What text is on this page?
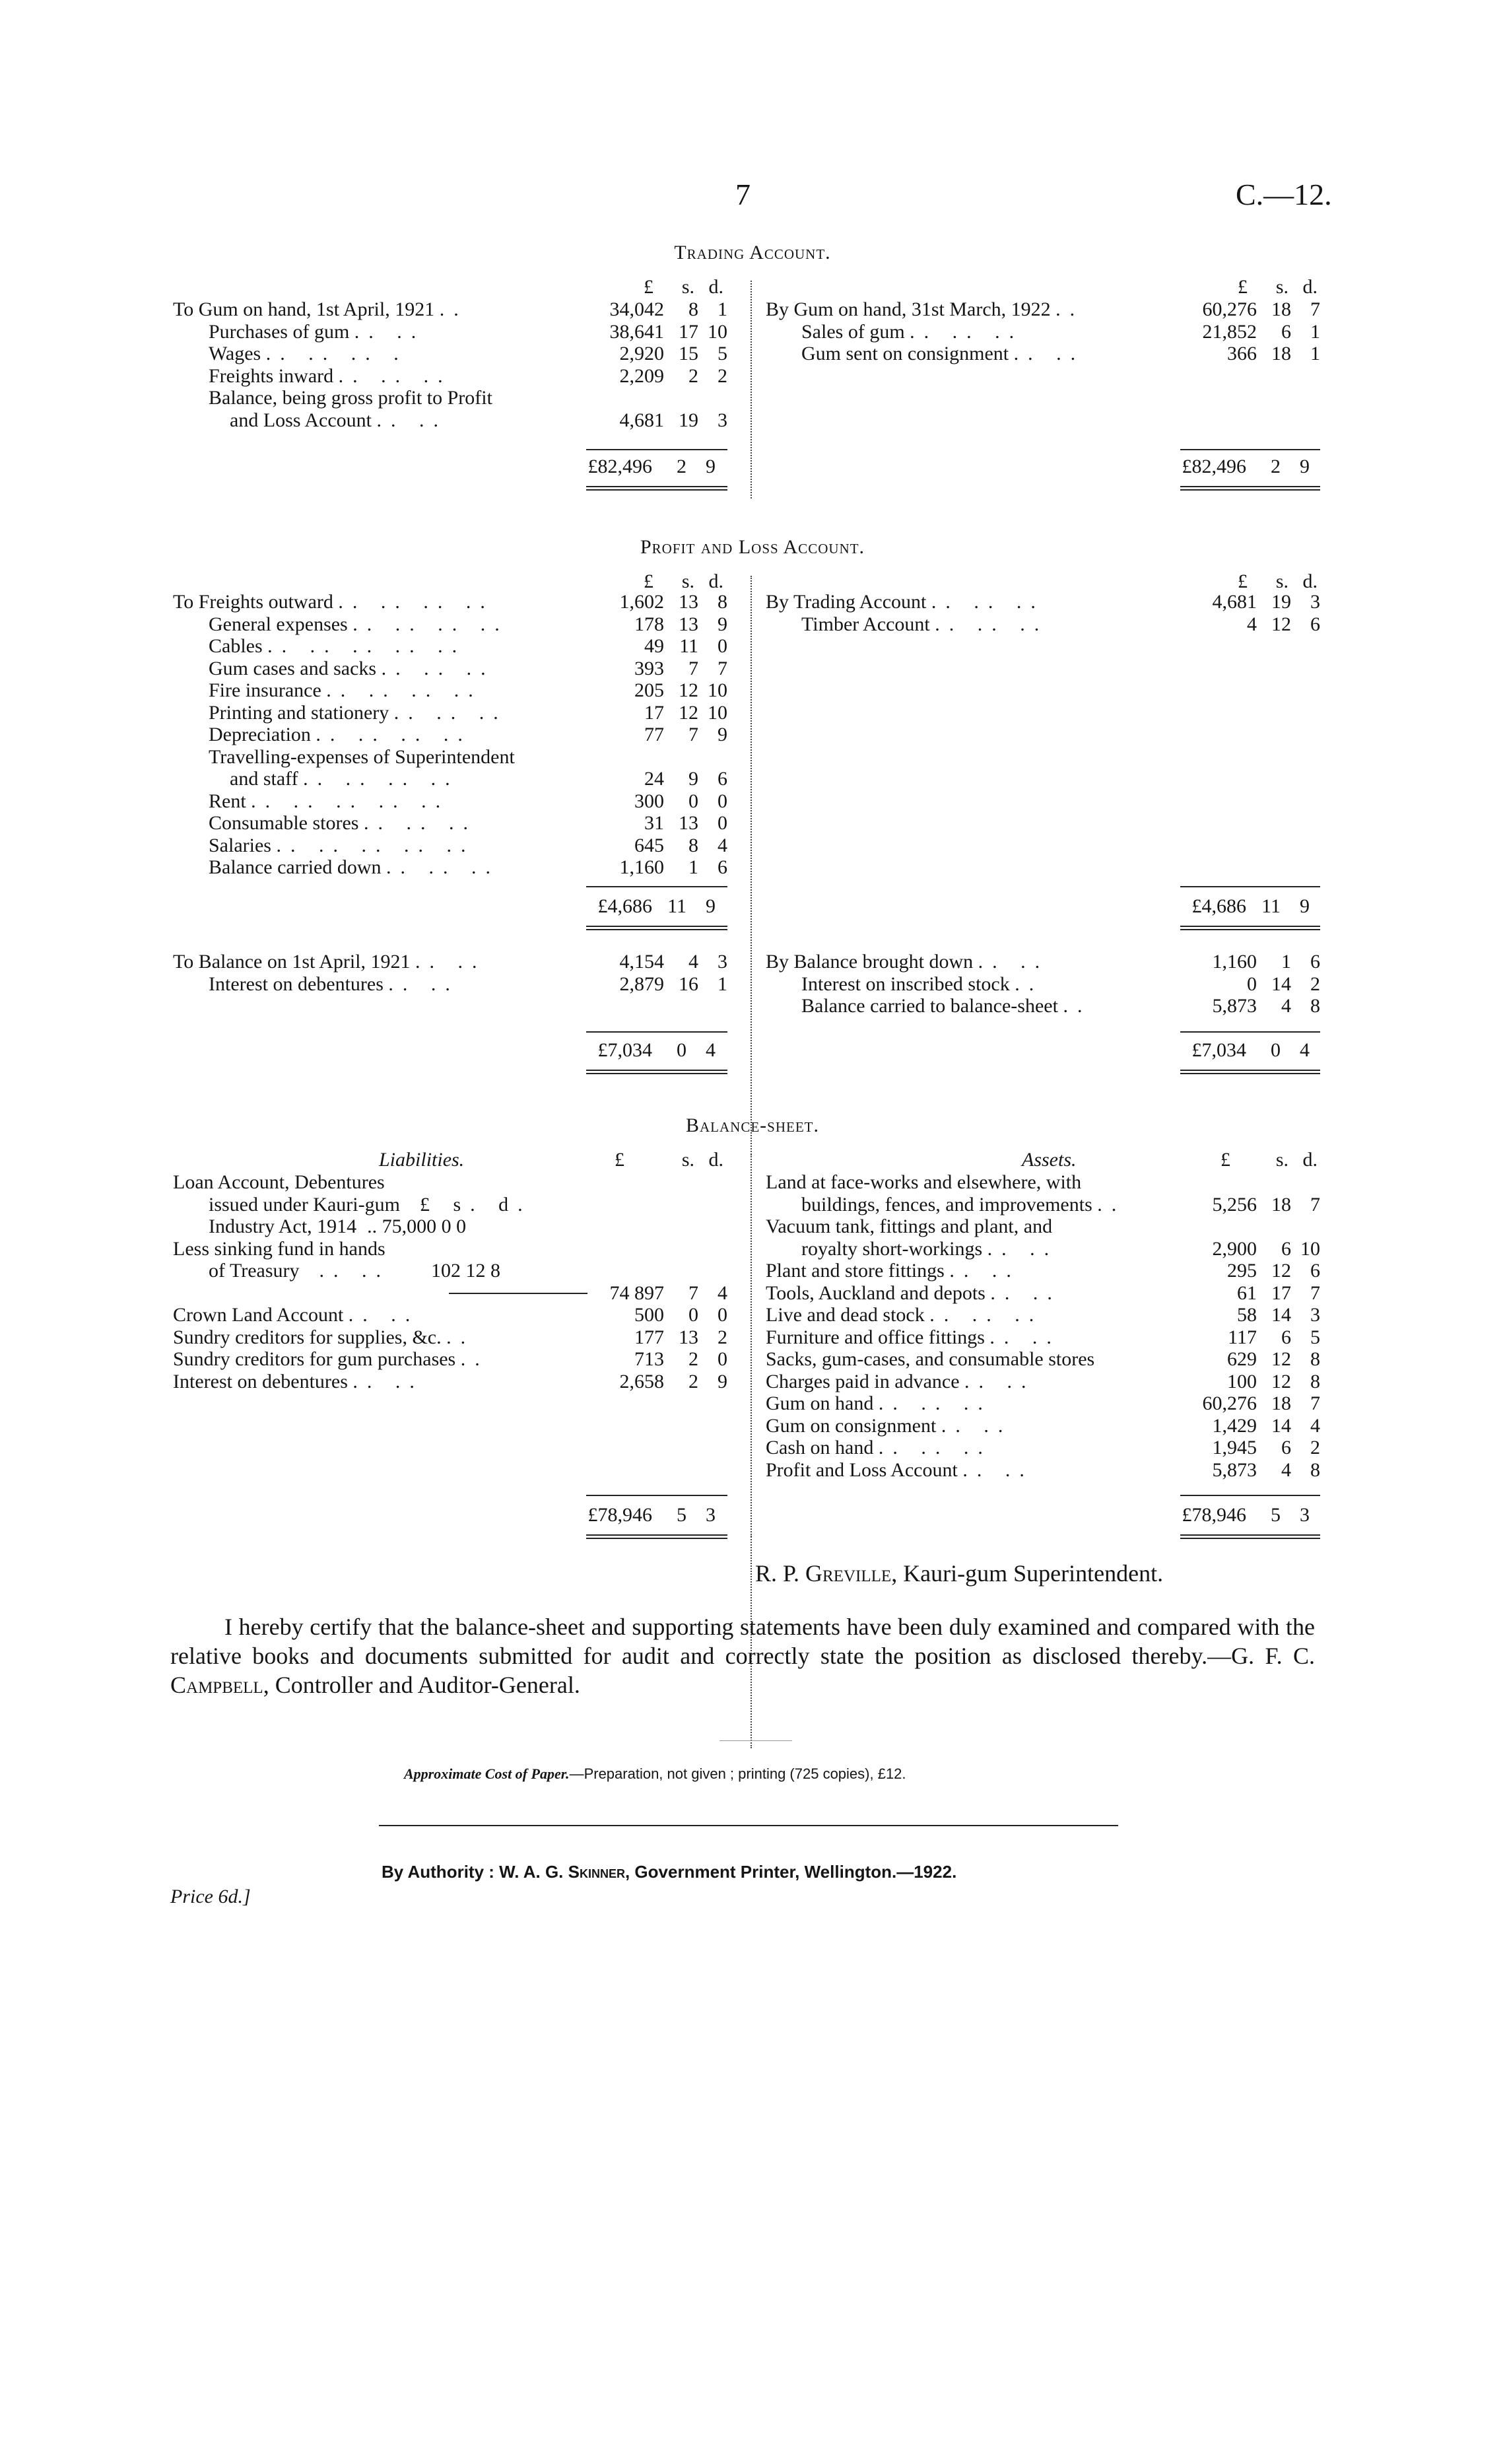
7	C.—12.
Trading Account.
£	s. d.	£	s. d.
To Gum on hand, 1st April, 1921 ..	34,042	8 1
Purchases of gum .. ..	38,641 17 10
Wages .. .. .. .	2,920 15 5
Freights inward .. .. ..	2,209	2 2
Balance, being gross profit to Profit
and Loss Account .. ..	4,681 19 3
By Gum on hand, 31st March, 1922 ..	60,276 18 7
Sales of gum .. .. ..	21,852	6 1
Gum sent on consignment .. ..	366 18 1
£82,496	2 9	£82,496	2 9
Profit and Loss Account.
£	s. d.	£	s. d.
To Freights outward .. .. .. ..	1,602 13 8
General expenses .. .. .. ..	178 13 9
Cables .. .. .. .. ..	49 11 0
Gum cases and sacks .. .. ..	393	7 7
Fire insurance .. .. .. ..	205 12 10
Printing and stationery .. .. ..	17 12 10
Depreciation .. .. .. ..	77	7 9
Travelling-expenses of Superintendent
and staff .. .. .. ..	24	9 6
Rent .. .. .. .. ..	300	0 0
Consumable stores .. .. ..	31 13 0
Salaries .. .. .. .. ..	645	8 4
Balance carried down .. .. ..	1,160	1 6
By Trading Account .. .. ..	4,681 19 3
Timber Account .. .. ..	4 12 6
£4,686 11 9	£4,686 11 9
To Balance on 1st April, 1921 .. ..	4,154	4 3
Interest on debentures .. ..	2,879 16 1
By Balance brought down .. ..	1,160	1 6
Interest on inscribed stock ..	0 14 2
Balance carried to balance-sheet ..	5,873	4 8
£7,034	0 4	£7,034	0 4
Balance-sheet.
Liabilities.	£	s. d.	Assets.	£	s. d.
Loan Account, Debentures
issued under Kauri-gum	£ s. d.
Industry Act, 1914 .. 75,000 0 0
Less sinking fund in hands
of Treasury	.. ..	102 12 8
74 897	7 4
Crown Land Account .. ..	500	0 0
Sundry creditors for supplies, &c. ..	177 13 2
Sundry creditors for gum purchases ..	713	2 0
Interest on debentures .. ..	2,658	2 9
Land at face-works and elsewhere, with
buildings, fences, and improvements ..	5,256 18 7
Vacuum tank, fittings and plant, and
royalty short-workings .. ..	2,900	6 10
Plant and store fittings .. ..	295 12 6
Tools, Auckland and depots .. ..	61 17 7
Live and dead stock .. .. ..	58 14 3
Furniture and office fittings .. ..	117	6 5
Sacks, gum-cases, and consumable stores	629 12 8
Charges paid in advance .. ..	100 12 8
Gum on hand .. .. ..	60,276 18 7
Gum on consignment .. ..	1,429 14 4
Cash on hand .. .. ..	1,945	6 2
Profit and Loss Account .. ..	5,873	4 8
£78,946	5 3	£78,946	5 3
R. P. Greville, Kauri-gum Superintendent.
I hereby certify that the balance-sheet and supporting statements have been duly examined and compared with the relative books and documents submitted for audit and correctly state the position as disclosed thereby.—G. F. C. Campbell, Controller and Auditor-General.
Approximate Cost of Paper.—Preparation, not given ; printing (725 copies), £12.
Price 6d.]
By Authority : W. A. G. Skinner, Government Printer, Wellington.—1922.
